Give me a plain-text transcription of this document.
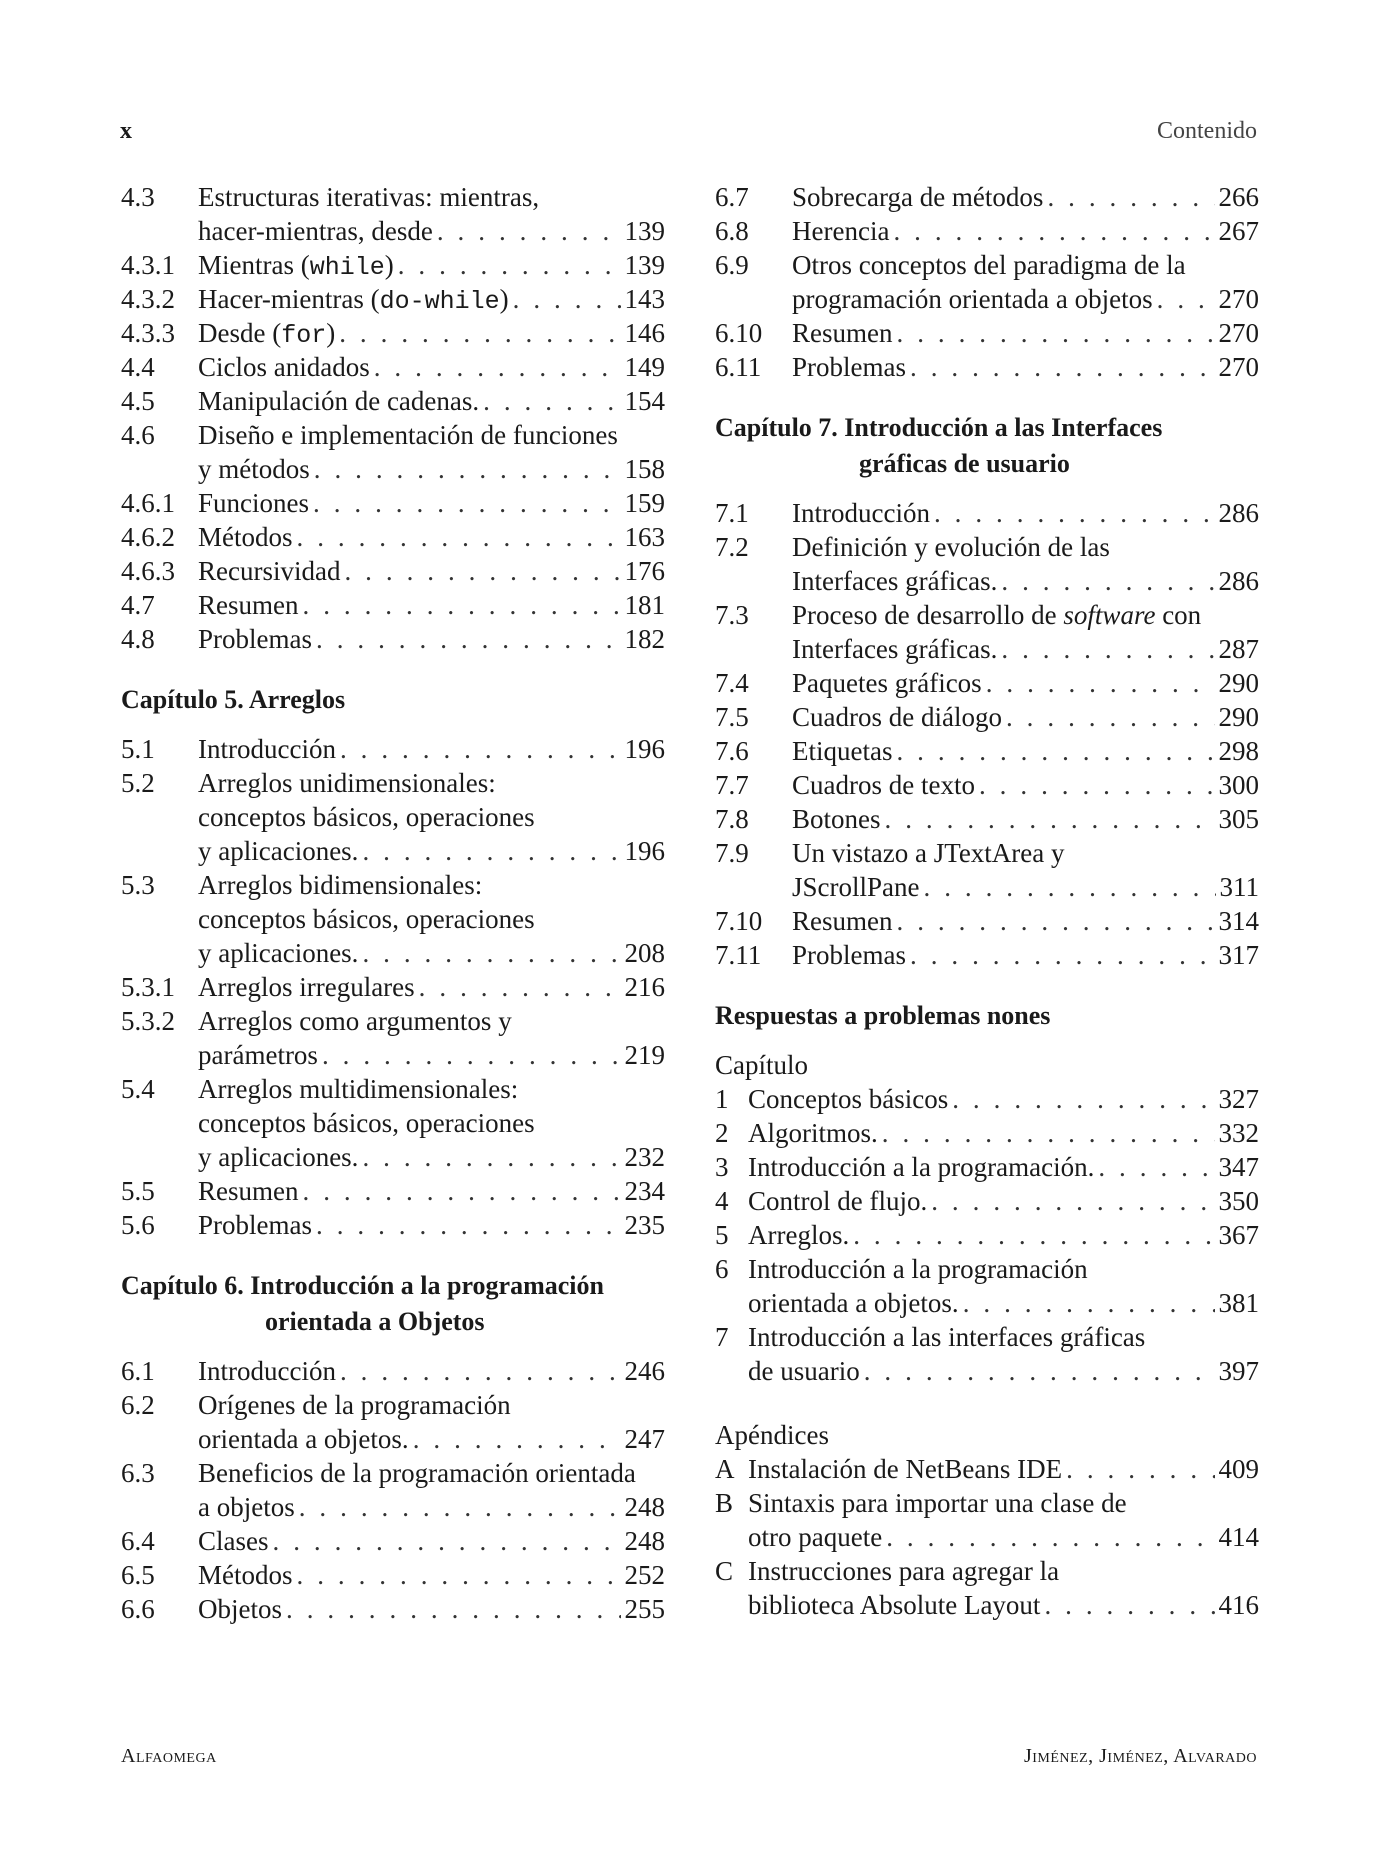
x	Contenido
4.3	Estructuras iterativas: mientras,
hacer-mientras, desde . . .	139
4.3.1 Mientras ( while ) . . .	139
4.3.2 Hacer-mientras ( do-while ) . . .	143
4.3.3 Desde ( for ) . . .	146
4.4	Ciclos anidados . . .	149
4.5	Manipulación de cadenas. . . .	154
4.6	Diseño e implementación de funciones
y métodos . . .	158
4.6.1 Funciones . . .	159
4.6.2 Métodos . . .	163
4.6.3 Recursividad . . .	176
4.7	Resumen . . .	181
4.8	Problemas . . .	182
Capítulo 5. Arreglos
5.1	Introducción . . .	196
5.2	Arreglos unidimensionales:
conceptos básicos, operaciones
y aplicaciones. . . .	196
5.3	Arreglos bidimensionales:
conceptos básicos, operaciones
y aplicaciones. . . .	208
5.3.1 Arreglos irregulares . . .	216
5.3.2 Arreglos como argumentos y
parámetros . . .	219
5.4	Arreglos multidimensionales:
conceptos básicos, operaciones
y aplicaciones. . . .	232
5.5	Resumen . . .	234
5.6	Problemas . . .	235
Capítulo 6. Introducción a la programación
orientada a Objetos
6.1	Introducción . . .	246
6.2	Orígenes de la programación
orientada a objetos. . . .	247
6.3	Beneficios de la programación orientada
a objetos . . .	248
6.4	Clases . . .	248
6.5	Métodos . . .	252
6.6	Objetos . . .	255
6.7	Sobrecarga de métodos . . .	266
6.8	Herencia . . .	267
6.9	Otros conceptos del paradigma de la
programación orientada a objetos . . . 270
6.10	Resumen . . .	270
6.11	Problemas . . .	270
Capítulo 7. Introducción a las Interfaces
gráficas de usuario
7.1	Introducción . . .	286
7.2	Definición y evolución de las
Interfaces gráficas. . . .	286
7.3	Proceso de desarrollo de software con
Interfaces gráficas. . . .	287
7.4	Paquetes gráficos . . .	290
7.5	Cuadros de diálogo . . .	290
7.6	Etiquetas . . .	298
7.7	Cuadros de texto . . .	300
7.8	Botones . . .	305
7.9	Un vistazo a JTextArea y
JScrollPane . . .	311
7.10	Resumen . . .	314
7.11	Problemas . . .	317
Respuestas a problemas nones
Capítulo
1 Conceptos básicos . . .	327
2 Algoritmos. . . .	332
3 Introducción a la programación. . . .	347
4 Control de flujo. . . .	350
5 Arreglos. . . .	367
6 Introducción a la programación
orientada a objetos. . . .	381
7 Introducción a las interfaces gráficas
de usuario . . .	397
Apéndices
A Instalación de NetBeans IDE . . .	409
B Sintaxis para importar una clase de
otro paquete . . .	414
C Instrucciones para agregar la
biblioteca Absolute Layout . . .	416
Alfaomega	Jiménez, Jiménez, Alvarado
